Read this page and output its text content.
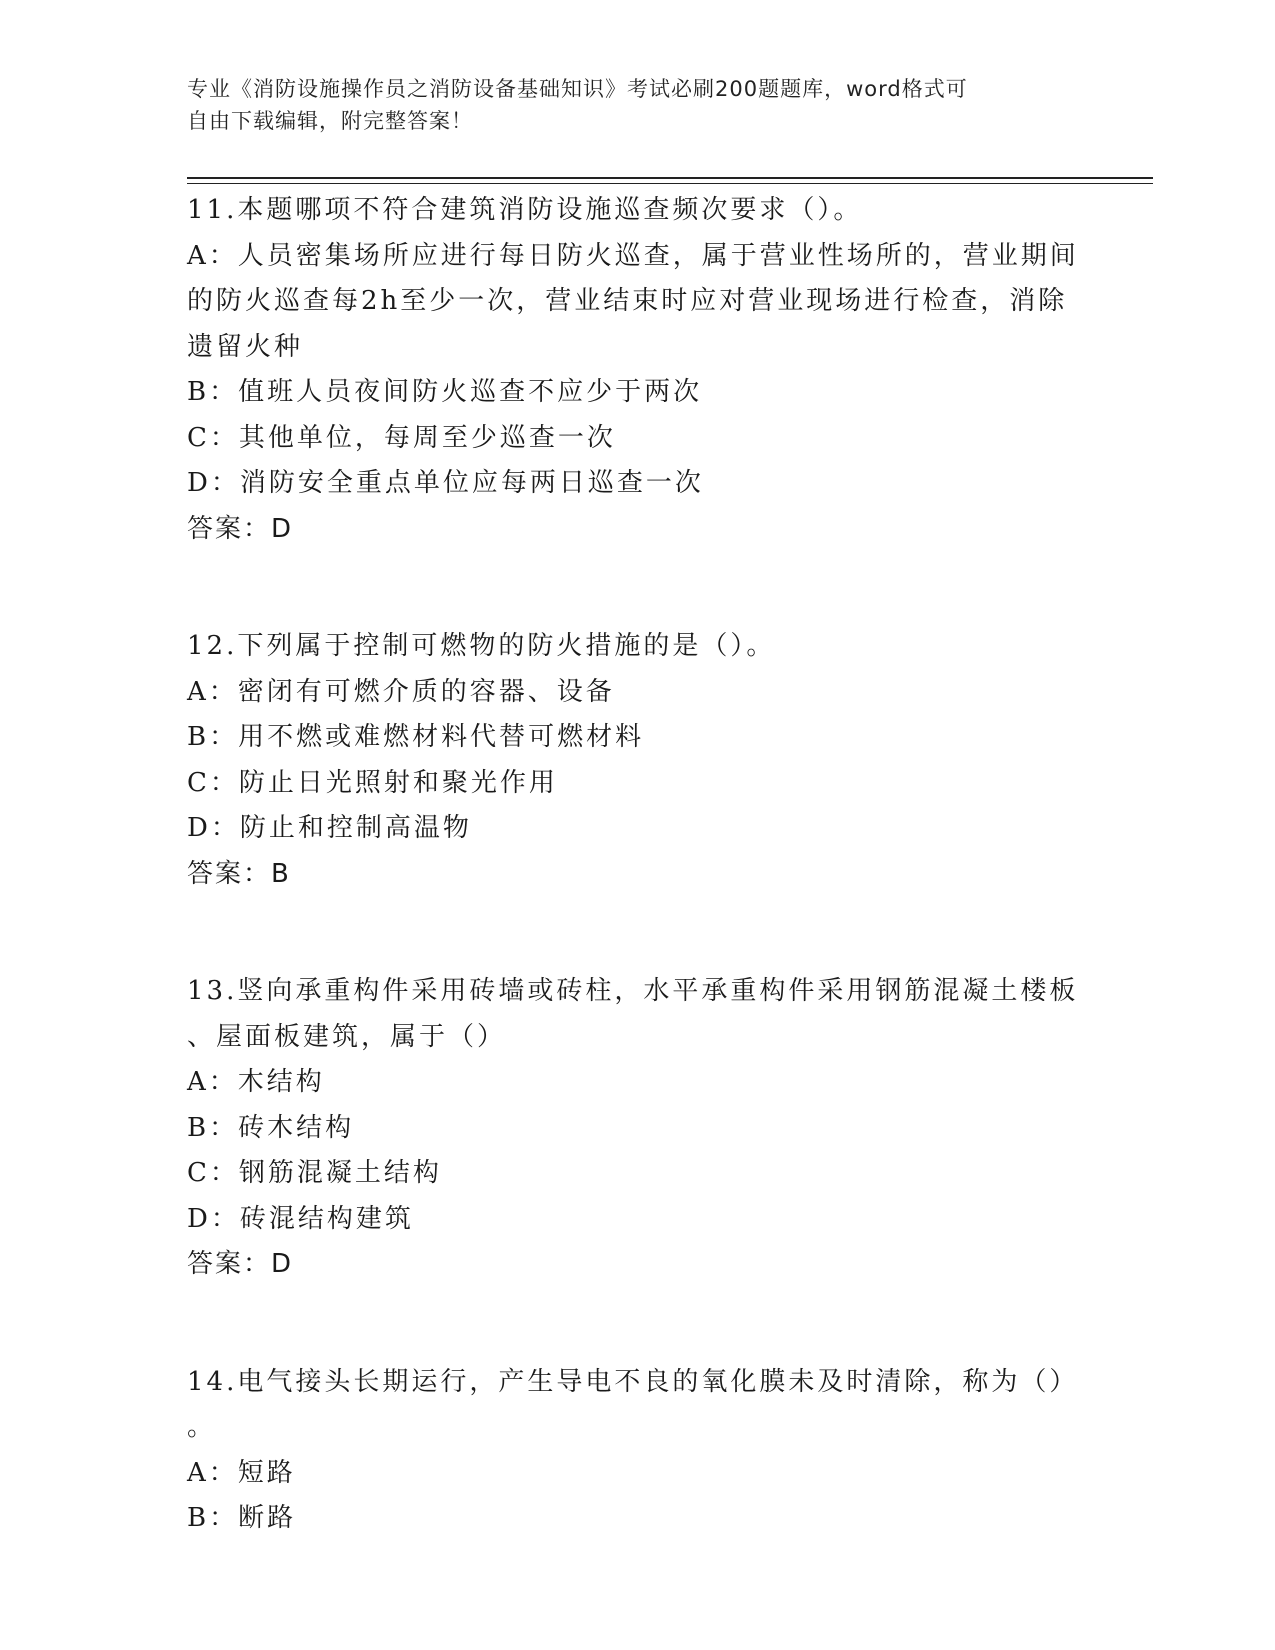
专业《消防设施操作员之消防设备基础知识》考试必刷200题题库，word格式可
自由下载编辑，附完整答案！
11.本题哪项不符合建筑消防设施巡查频次要求（）。
A：人员密集场所应进行每日防火巡查，属于营业性场所的，营业期间
的防火巡查每2h至少一次，营业结束时应对营业现场进行检查，消除
遗留火种
B：值班人员夜间防火巡查不应少于两次
C：其他单位，每周至少巡查一次
D：消防安全重点单位应每两日巡查一次
答案：D
12.下列属于控制可燃物的防火措施的是（）。
A：密闭有可燃介质的容器、设备
B：用不燃或难燃材料代替可燃材料
C：防止日光照射和聚光作用
D：防止和控制高温物
答案：B
13.竖向承重构件采用砖墙或砖柱，水平承重构件采用钢筋混凝土楼板
、屋面板建筑，属于（）
A：木结构
B：砖木结构
C：钢筋混凝土结构
D：砖混结构建筑
答案：D
14.电气接头长期运行，产生导电不良的氧化膜未及时清除，称为（）
。
A：短路
B：断路
